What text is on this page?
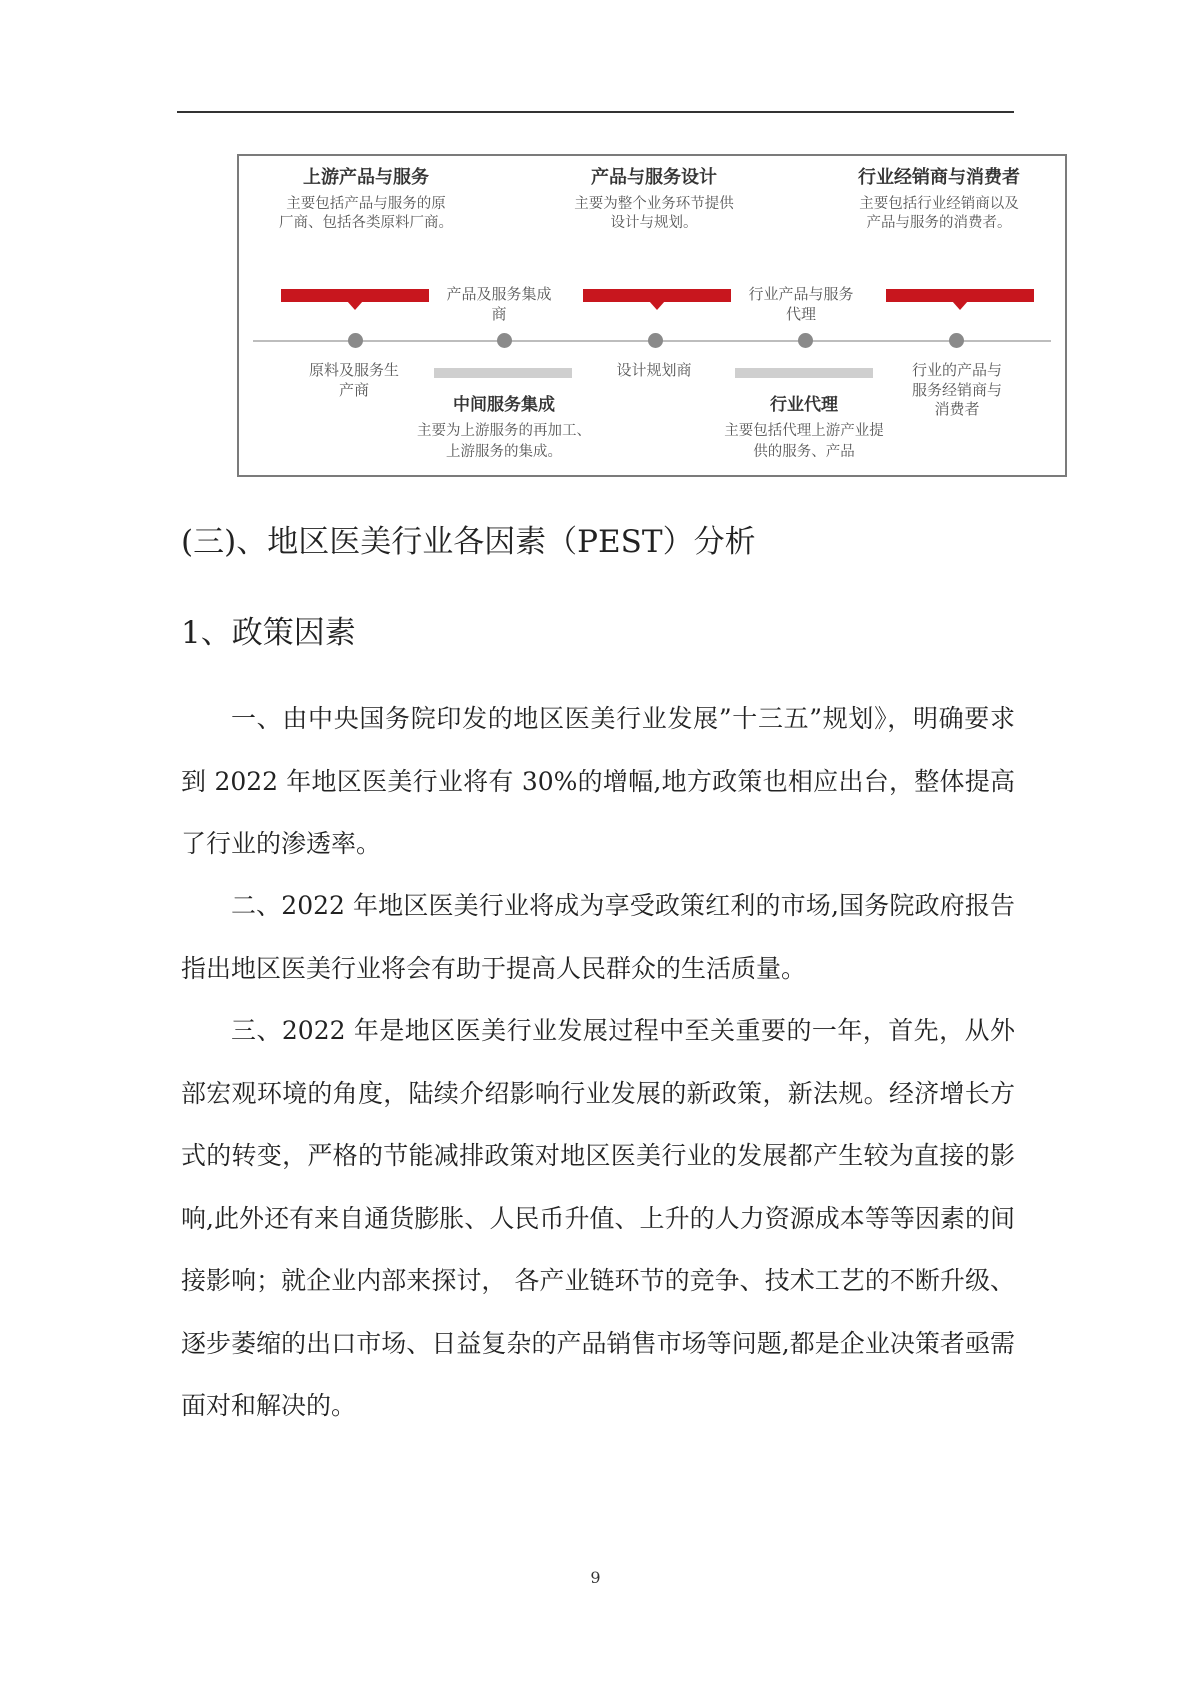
上游产品与服务
主要包括产品与服务的原
厂商、包括各类原料厂商。
产品与服务设计
主要为整个业务环节提供
设计与规划。
行业经销商与消费者
主要包括行业经销商以及
产品与服务的消费者。
产品及服务集成
商
行业产品与服务
代理
原料及服务生
产商
设计规划商	行业的产品与
服务经销商与
消费者
中间服务集成
主要为上游服务的再加工、
上游服务的集成。
行业代理
主要包括代理上游产业提
供的服务、产品
(三)、地区医美行业各因素（PEST）分析
1、政策因素

一、由中央国务院印发的地区医美行业发展”十三五”规划》，明确要求到 2022 年地区医美行业将有 30%的增幅,地方政策也相应出台，整体提高了行业的渗透率。

二、2022 年地区医美行业将成为享受政策红利的市场,国务院政府报告指出地区医美行业将会有助于提高人民群众的生活质量。

三、2022 年是地区医美行业发展过程中至关重要的一年，首先，从外部宏观环境的角度，陆续介绍影响行业发展的新政策，新法规。经济增长方式的转变，严格的节能减排政策对地区医美行业的发展都产生较为直接的影响,此外还有来自通货膨胀、人民币升值、上升的人力资源成本等等因素的间接影响；就企业内部来探讨， 各产业链环节的竞争、技术工艺的不断升级、逐步萎缩的出口市场、日益复杂的产品销售市场等问题,都是企业决策者亟需面对和解决的。

9
